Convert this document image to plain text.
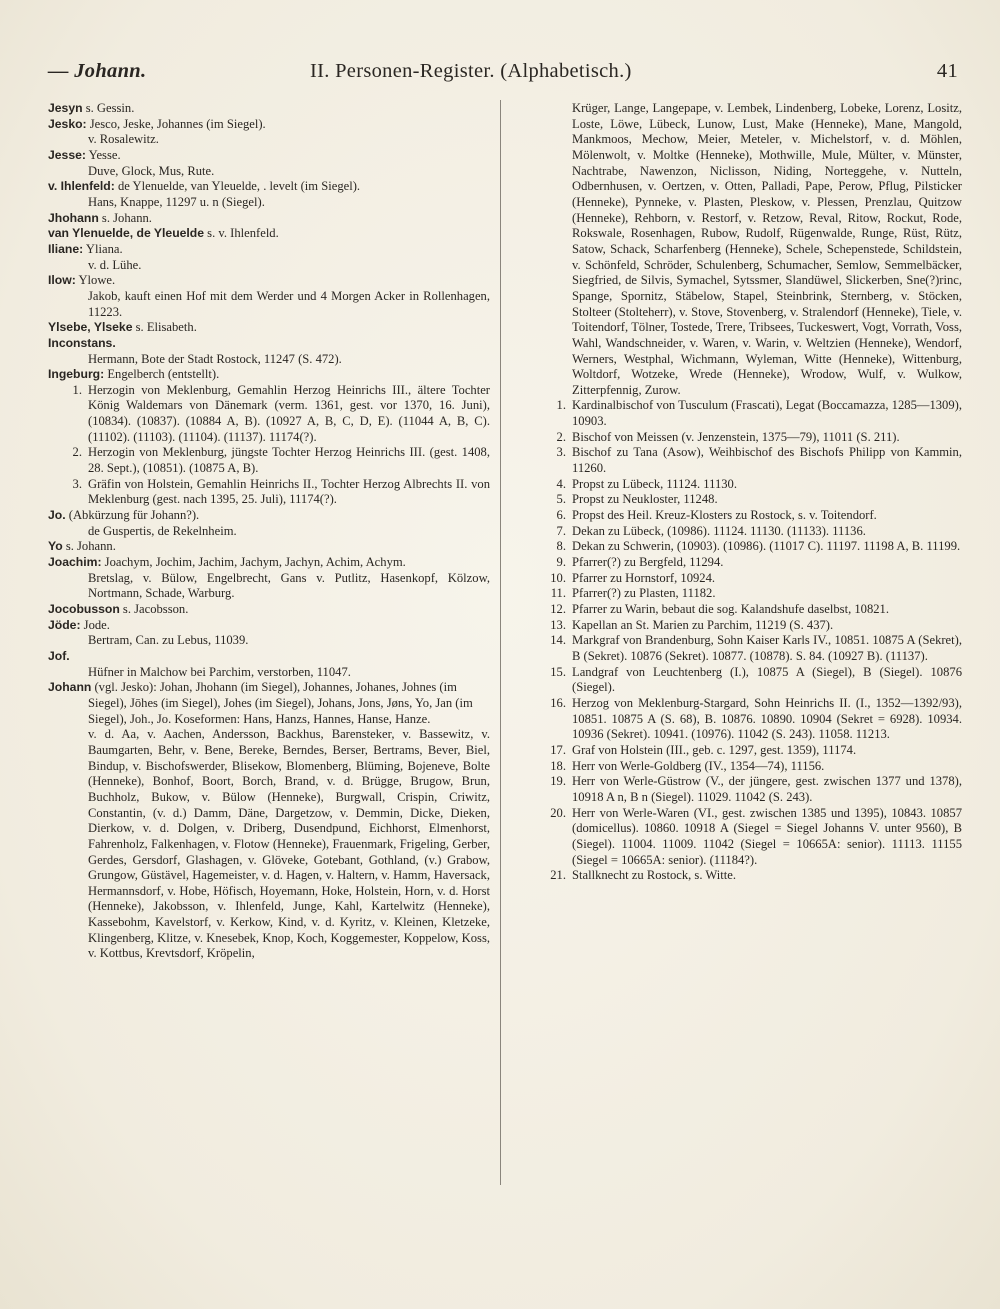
— Johann.	II. Personen-Register. (Alphabetisch.)	41

Jesyn s. Gessin.

Jesko: Jesco, Jeske, Johannes (im Siegel).

v. Rosalewitz.

Jesse: Yesse.

Duve, Glock, Mus, Rute.

v. Ihlenfeld: de Ylenuelde, van Yleuelde, . levelt (im Siegel).

Hans, Knappe, 11297 u. n (Siegel).

Jhohann s. Johann.

van Ylenuelde, de Yleuelde s. v. Ihlenfeld.

Iliane: Yliana.

v. d. Lühe.

Ilow: Ylowe.

Jakob, kauft einen Hof mit dem Werder und 4 Morgen Acker in Rollenhagen, 11223.

Ylsebe, Ylseke s. Elisabeth.

Inconstans.

Hermann, Bote der Stadt Rostock, 11247 (S. 472).

Ingeburg: Engelberch (entstellt).

1. Herzogin von Meklenburg, Gemahlin Herzog Heinrichs III., ältere Tochter König Waldemars von Dänemark (verm. 1361, gest. vor 1370, 16. Juni), (10834). (10837). (10884 A, B). (10927 A, B, C, D, E). (11044 A, B, C). (11102). (11103). (11104). (11137). 11174(?).
2. Herzogin von Meklenburg, jüngste Tochter Herzog Heinrichs III. (gest. 1408, 28. Sept.), (10851). (10875 A, B).
3. Gräfin von Holstein, Gemahlin Heinrichs II., Tochter Herzog Albrechts II. von Meklenburg (gest. nach 1395, 25. Juli), 11174(?).

Jo. (Abkürzung für Johann?).

de Guspertis, de Rekelnheim.

Yo s. Johann.

Joachim: Joachym, Jochim, Jachim, Jachym, Jachyn, Achim, Achym.

Bretslag, v. Bülow, Engelbrecht, Gans v. Putlitz, Hasenkopf, Kölzow, Nortmann, Schade, Warburg.

Jocobusson s. Jacobsson.

Jöde: Jode.

Bertram, Can. zu Lebus, 11039.

Jof.

Hüfner in Malchow bei Parchim, verstorben, 11047.

Johann (vgl. Jesko): Johan, Jhohann (im Siegel), Johannes, Johanes, Johnes (im Siegel), Jōhes (im Siegel), Johes (im Siegel), Johans, Jons, Jøns, Yo, Jan (im Siegel), Joh., Jo. Koseformen: Hans, Hanzs, Hannes, Hanse, Hanze.

v. d. Aa, v. Aachen, Andersson, Backhus, Barensteker, v. Bassewitz, v. Baumgarten, Behr, v. Bene, Bereke, Berndes, Berser, Bertrams, Bever, Biel, Bindup, v. Bischofswerder, Blisekow, Blomenberg, Blüming, Bojeneve, Bolte (Henneke), Bonhof, Boort, Borch, Brand, v. d. Brügge, Brugow, Brun, Buchholz, Bukow, v. Bülow (Henneke), Burgwall, Crispin, Criwitz, Constantin, (v. d.) Damm, Däne, Dargetzow, v. Demmin, Dicke, Dieken, Dierkow, v. d. Dolgen, v. Driberg, Dusendpund, Eichhorst, Elmenhorst, Fahrenholz, Falkenhagen, v. Flotow (Henneke), Frauenmark, Frigeling, Gerber, Gerdes, Gersdorf, Glashagen, v. Glöveke, Gotebant, Gothland, (v.) Grabow, Grungow, Güstävel, Hagemeister, v. d. Hagen, v. Haltern, v. Hamm, Haversack, Hermannsdorf, v. Hobe, Höfisch, Hoyemann, Hoke, Holstein, Horn, v. d. Horst (Henneke), Jakobsson, v. Ihlenfeld, Junge, Kahl, Kartelwitz (Henneke), Kassebohm, Kavelstorf, v. Kerkow, Kind, v. d. Kyritz, v. Kleinen, Kletzeke, Klingenberg, Klitze, v. Knesebek, Knop, Koch, Koggemester, Koppelow, Koss, v. Kottbus, Krevtsdorf, Kröpelin,

Krüger, Lange, Langepape, v. Lembek, Lindenberg, Lobeke, Lorenz, Lositz, Loste, Löwe, Lübeck, Lunow, Lust, Make (Henneke), Mane, Mangold, Mankmoos, Mechow, Meier, Meteler, v. Michelstorf, v. d. Möhlen, Mölenwolt, v. Moltke (Henneke), Mothwille, Mule, Mülter, v. Münster, Nachtrabe, Nawenzon, Niclisson, Niding, Norteggehe, v. Nutteln, Odbernhusen, v. Oertzen, v. Otten, Palladi, Pape, Perow, Pflug, Pilsticker (Henneke), Pynneke, v. Plasten, Pleskow, v. Plessen, Prenzlau, Quitzow (Henneke), Rehborn, v. Restorf, v. Retzow, Reval, Ritow, Rockut, Rode, Rokswale, Rosenhagen, Rubow, Rudolf, Rügenwalde, Runge, Rüst, Rütz, Satow, Schack, Scharfenberg (Henneke), Schele, Schepenstede, Schildstein, v. Schönfeld, Schröder, Schulenberg, Schumacher, Semlow, Semmelbäcker, Siegfried, de Silvis, Symachel, Sytssmer, Slandüwel, Slickerben, Sne(?)rinc, Spange, Spornitz, Stäbelow, Stapel, Steinbrink, Sternberg, v. Stöcken, Stolteer (Stolteherr), v. Stove, Stovenberg, v. Stralendorf (Henneke), Tiele, v. Toitendorf, Tölner, Tostede, Trere, Tribsees, Tuckeswert, Vogt, Vorrath, Voss, Wahl, Wandschneider, v. Waren, v. Warin, v. Weltzien (Henneke), Wendorf, Werners, Westphal, Wichmann, Wyleman, Witte (Henneke), Wittenburg, Woltdorf, Wotzeke, Wrede (Henneke), Wrodow, Wulf, v. Wulkow, Zitterpfennig, Zurow.

1. Kardinalbischof von Tusculum (Frascati), Legat (Boccamazza, 1285—1309), 10903.
2. Bischof von Meissen (v. Jenzenstein, 1375—79), 11011 (S. 211).
3. Bischof zu Tana (Asow), Weihbischof des Bischofs Philipp von Kammin, 11260.
4. Propst zu Lübeck, 11124. 11130.
5. Propst zu Neukloster, 11248.
6. Propst des Heil. Kreuz-Klosters zu Rostock, s. v. Toitendorf.
7. Dekan zu Lübeck, (10986). 11124. 11130. (11133). 11136.
8. Dekan zu Schwerin, (10903). (10986). (11017 C). 11197. 11198 A, B. 11199.
9. Pfarrer(?) zu Bergfeld, 11294.
10. Pfarrer zu Hornstorf, 10924.
11. Pfarrer(?) zu Plasten, 11182.
12. Pfarrer zu Warin, bebaut die sog. Kalandshufe daselbst, 10821.
13. Kapellan an St. Marien zu Parchim, 11219 (S. 437).
14. Markgraf von Brandenburg, Sohn Kaiser Karls IV., 10851. 10875 A (Sekret), B (Sekret). 10876 (Sekret). 10877. (10878). S. 84. (10927 B). (11137).
15. Landgraf von Leuchtenberg (I.), 10875 A (Siegel), B (Siegel). 10876 (Siegel).
16. Herzog von Meklenburg-Stargard, Sohn Heinrichs II. (I., 1352—1392/93), 10851. 10875 A (S. 68), B. 10876. 10890. 10904 (Sekret = 6928). 10934. 10936 (Sekret). 10941. (10976). 11042 (S. 243). 11058. 11213.
17. Graf von Holstein (III., geb. c. 1297, gest. 1359), 11174.
18. Herr von Werle-Goldberg (IV., 1354—74), 11156.
19. Herr von Werle-Güstrow (V., der jüngere, gest. zwischen 1377 und 1378), 10918 A n, B n (Siegel). 11029. 11042 (S. 243).
20. Herr von Werle-Waren (VI., gest. zwischen 1385 und 1395), 10843. 10857 (domicellus). 10860. 10918 A (Siegel = Siegel Johanns V. unter 9560), B (Siegel). 11004. 11009. 11042 (Siegel = 10665A: senior). 11113. 11155 (Siegel = 10665A: senior). (11184?).
21. Stallknecht zu Rostock, s. Witte.
